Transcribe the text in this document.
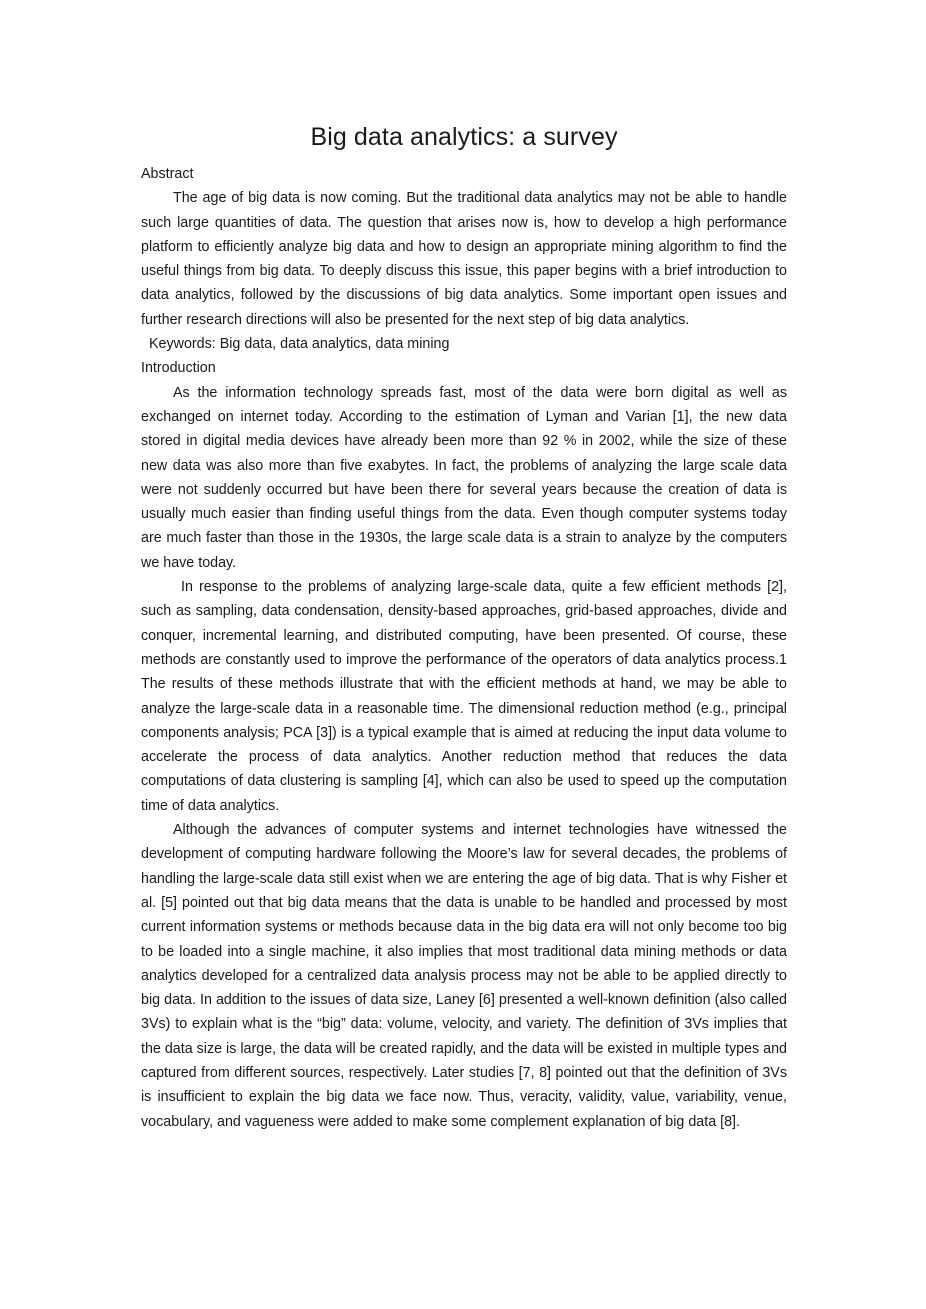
Big data analytics: a survey

Abstract

The age of big data is now coming. But the traditional data analytics may not be able to handle such large quantities of data. The question that arises now is, how to develop a high performance platform to efficiently analyze big data and how to design an appropriate mining algorithm to find the useful things from big data. To deeply discuss this issue, this paper begins with a brief introduction to data analytics, followed by the discussions of big data analytics. Some important open issues and further research directions will also be presented for the next step of big data analytics.

Keywords: Big data, data analytics, data mining

Introduction

As the information technology spreads fast, most of the data were born digital as well as exchanged on internet today. According to the estimation of Lyman and Varian [1], the new data stored in digital media devices have already been more than 92 % in 2002, while the size of these new data was also more than five exabytes. In fact, the problems of analyzing the large scale data were not suddenly occurred but have been there for several years because the creation of data is usually much easier than finding useful things from the data. Even though computer systems today are much faster than those in the 1930s, the large scale data is a strain to analyze by the computers we have today.

In response to the problems of analyzing large-scale data, quite a few efficient methods [2], such as sampling, data condensation, density-based approaches, grid-based approaches, divide and conquer, incremental learning, and distributed computing, have been presented. Of course, these methods are constantly used to improve the performance of the operators of data analytics process.1 The results of these methods illustrate that with the efficient methods at hand, we may be able to analyze the large-scale data in a reasonable time. The dimensional reduction method (e.g., principal components analysis; PCA [3]) is a typical example that is aimed at reducing the input data volume to accelerate the process of data analytics. Another reduction method that reduces the data computations of data clustering is sampling [4], which can also be used to speed up the computation time of data analytics.

Although the advances of computer systems and internet technologies have witnessed the development of computing hardware following the Moore’s law for several decades, the problems of handling the large-scale data still exist when we are entering the age of big data. That is why Fisher et al. [5] pointed out that big data means that the data is unable to be handled and processed by most current information systems or methods because data in the big data era will not only become too big to be loaded into a single machine, it also implies that most traditional data mining methods or data analytics developed for a centralized data analysis process may not be able to be applied directly to big data. In addition to the issues of data size, Laney [6] presented a well-known definition (also called 3Vs) to explain what is the “big” data: volume, velocity, and variety. The definition of 3Vs implies that the data size is large, the data will be created rapidly, and the data will be existed in multiple types and captured from different sources, respectively. Later studies [7, 8] pointed out that the definition of 3Vs is insufficient to explain the big data we face now. Thus, veracity, validity, value, variability, venue, vocabulary, and vagueness were added to make some complement explanation of big data [8].
